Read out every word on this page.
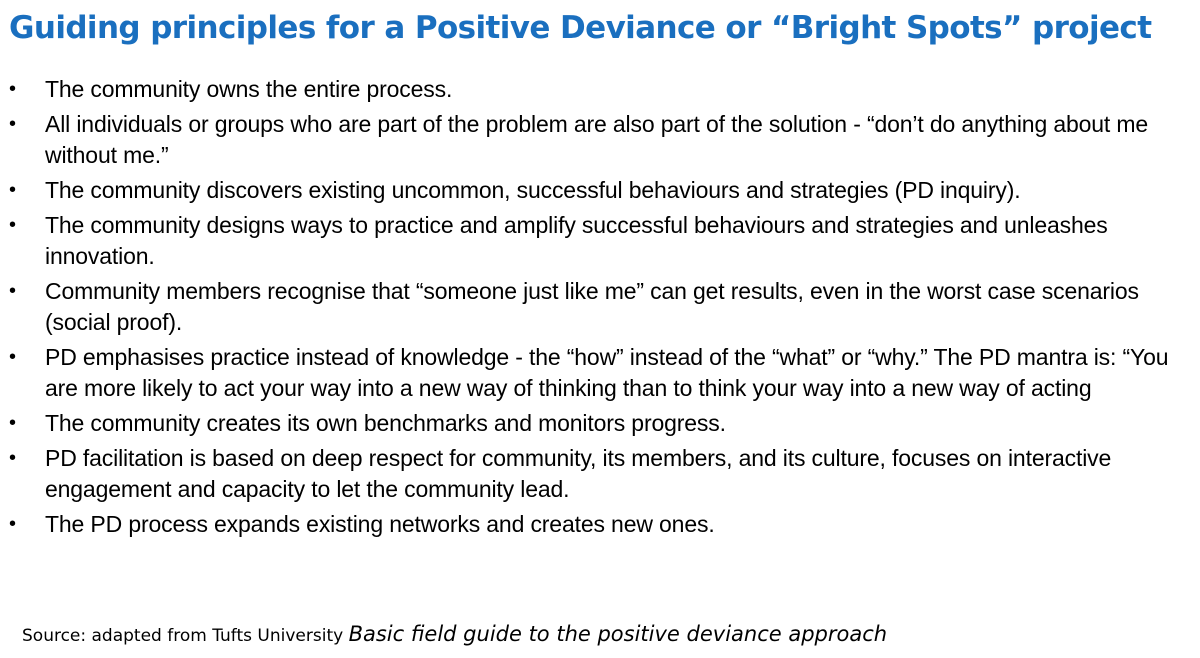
Guiding principles for a Positive Deviance or “Bright Spots” project
• The community owns the entire process.
• All individuals or groups who are part of the problem are also part of the solution - “don’t do anything about me without me.”
• The community discovers existing uncommon, successful behaviours and strategies (PD inquiry).
• The community designs ways to practice and amplify successful behaviours and strategies and unleashes innovation.
• Community members recognise that “someone just like me” can get results, even in the worst case scenarios (social proof).
• PD emphasises practice instead of knowledge - the “how” instead of the “what” or “why.” The PD mantra is: “You are more likely to act your way into a new way of thinking than to think your way into a new way of acting
• The community creates its own benchmarks and monitors progress.
• PD facilitation is based on deep respect for community, its members, and its culture, focuses on interactive engagement and capacity to let the community lead.
• The PD process expands existing networks and creates new ones.
Source: adapted from Tufts University Basic field guide to the positive deviance approach
